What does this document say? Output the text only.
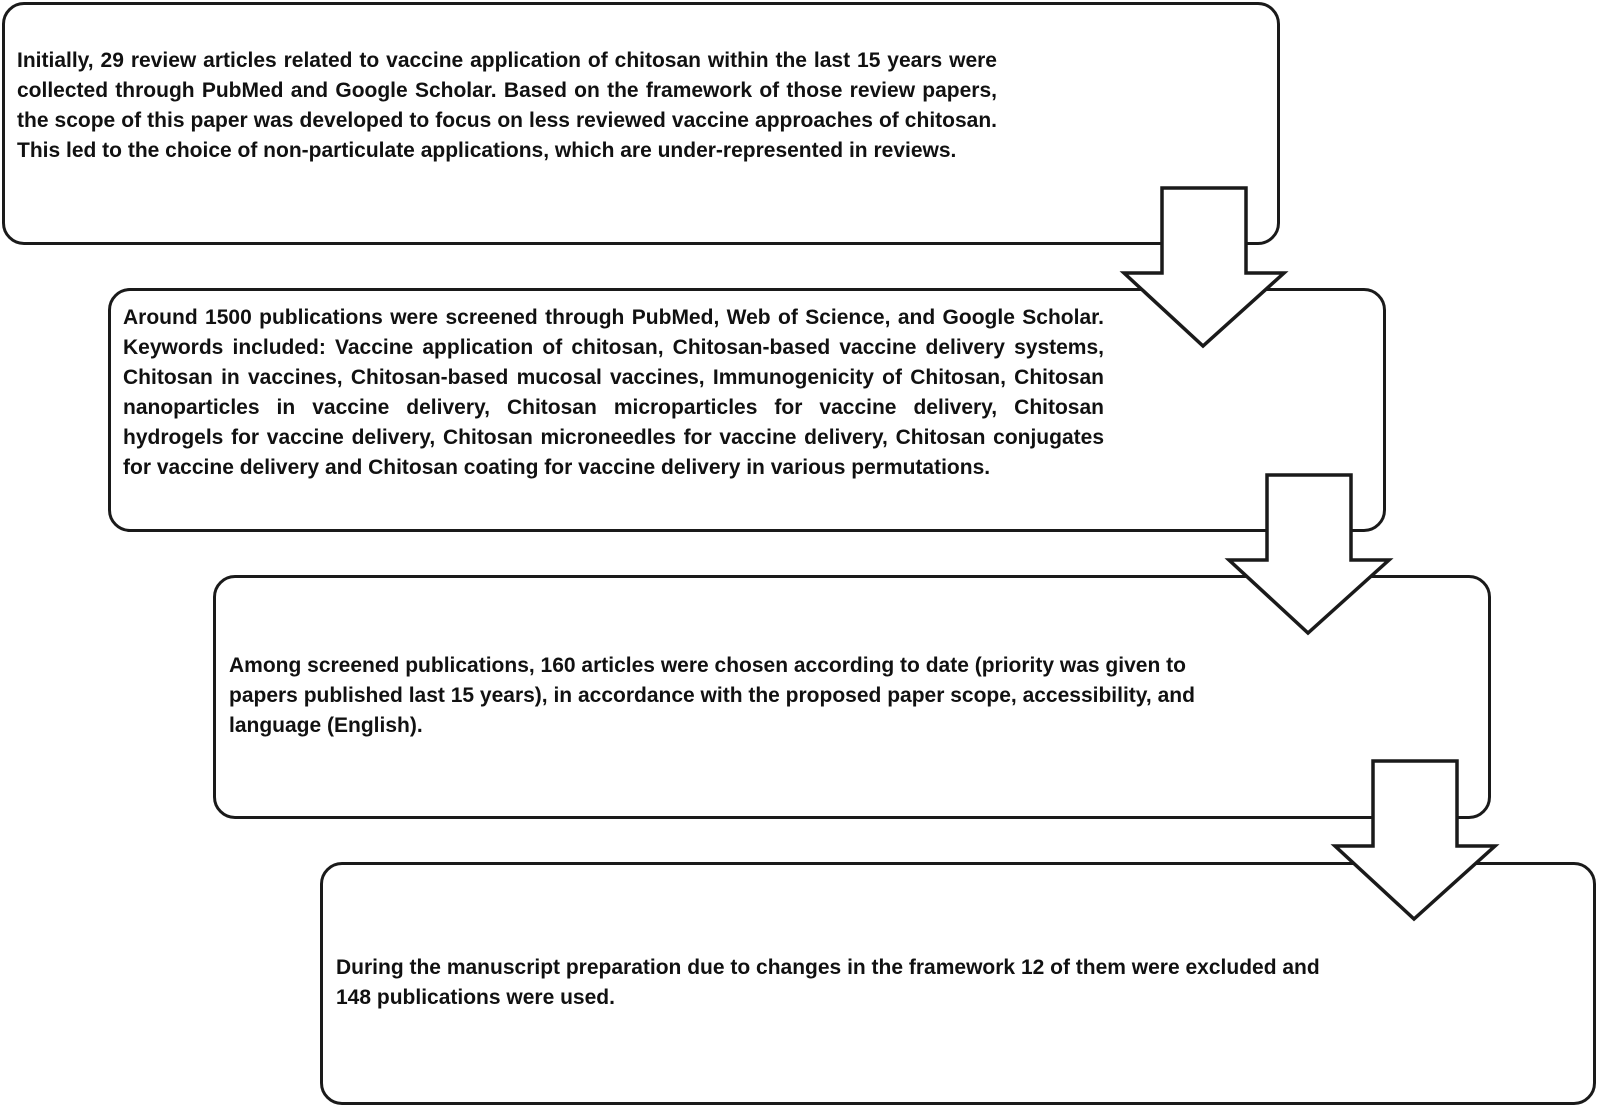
Initially, 29 review articles related to vaccine application of chitosan within the last 15 years were collected through PubMed and Google Scholar. Based on the framework of those review papers, the scope of this paper was developed to focus on less reviewed vaccine approaches of chitosan. This led to the choice of non-particulate applications, which are under-represented in reviews.

Around 1500 publications were screened through PubMed, Web of Science, and Google Scholar. Keywords included: Vaccine application of chitosan, Chitosan-based vaccine delivery systems, Chitosan in vaccines, Chitosan-based mucosal vaccines, Immunogenicity of Chitosan, Chitosan nanoparticles in vaccine delivery, Chitosan microparticles for vaccine delivery, Chitosan hydrogels for vaccine delivery, Chitosan microneedles for vaccine delivery, Chitosan conjugates for vaccine delivery and Chitosan coating for vaccine delivery in various permutations.

Among screened publications, 160 articles were chosen according to date (priority was given to papers published last 15 years), in accordance with the proposed paper scope, accessibility, and language (English).

During the manuscript preparation due to changes in the framework 12 of them were excluded and 148 publications were used.
